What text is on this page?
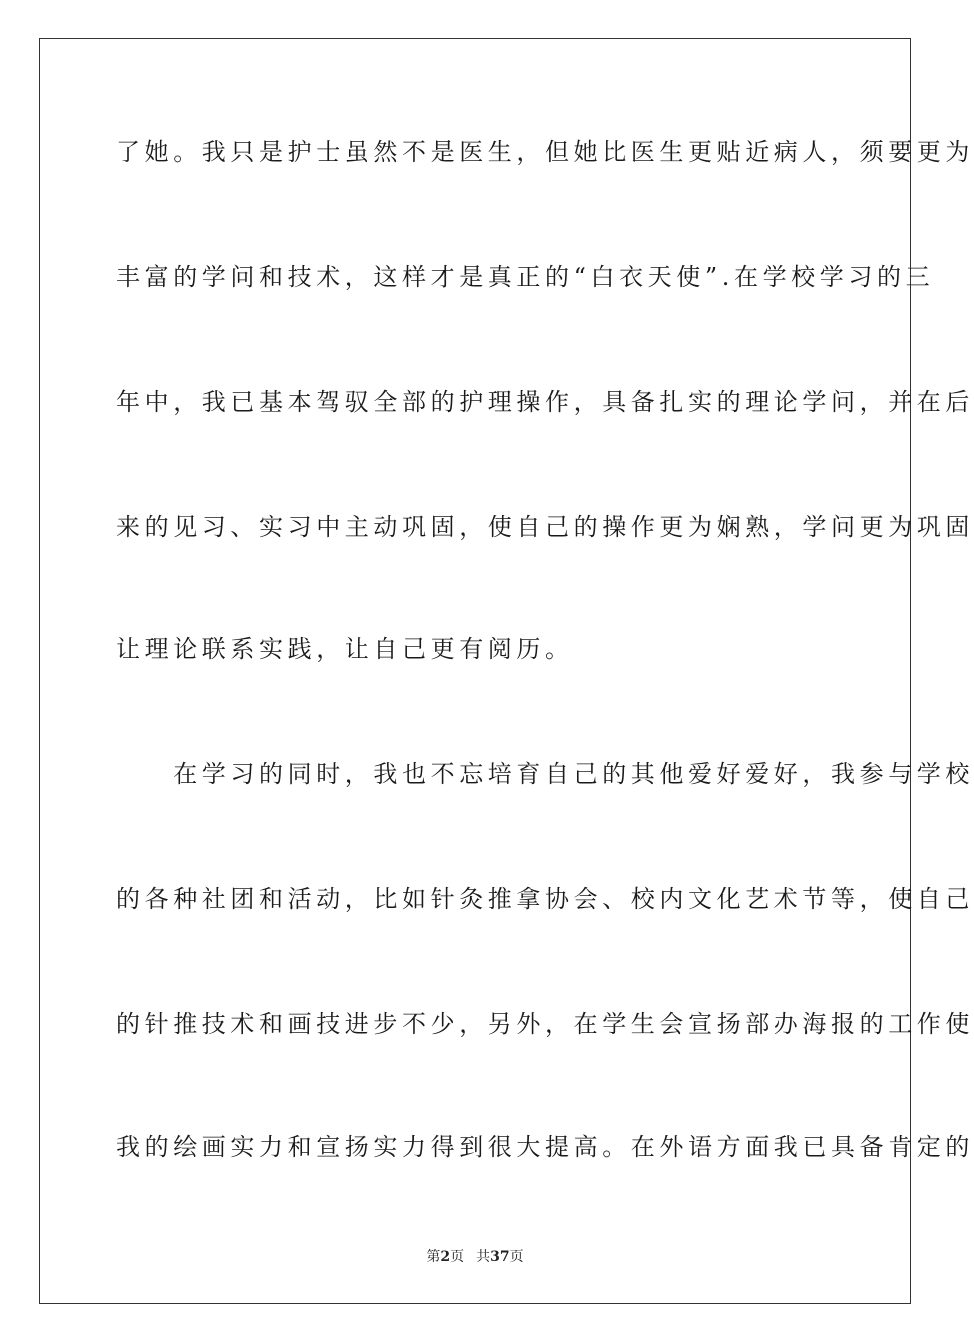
了她。我只是护士虽然不是医生，但她比医生更贴近病人，须要更为
丰富的学问和技术，这样才是真正的“白衣天使”.在学校学习的三
年中，我已基本驾驭全部的护理操作，具备扎实的理论学问，并在后
来的见习、实习中主动巩固，使自己的操作更为娴熟，学问更为巩固
让理论联系实践，让自己更有阅历。
　　在学习的同时，我也不忘培育自己的其他爱好爱好，我参与学校
的各种社团和活动，比如针灸推拿协会、校内文化艺术节等，使自己
的针推技术和画技进步不少，另外，在学生会宣扬部办海报的工作使
我的绘画实力和宣扬实力得到很大提高。在外语方面我已具备肯定的
第2页 共37页
